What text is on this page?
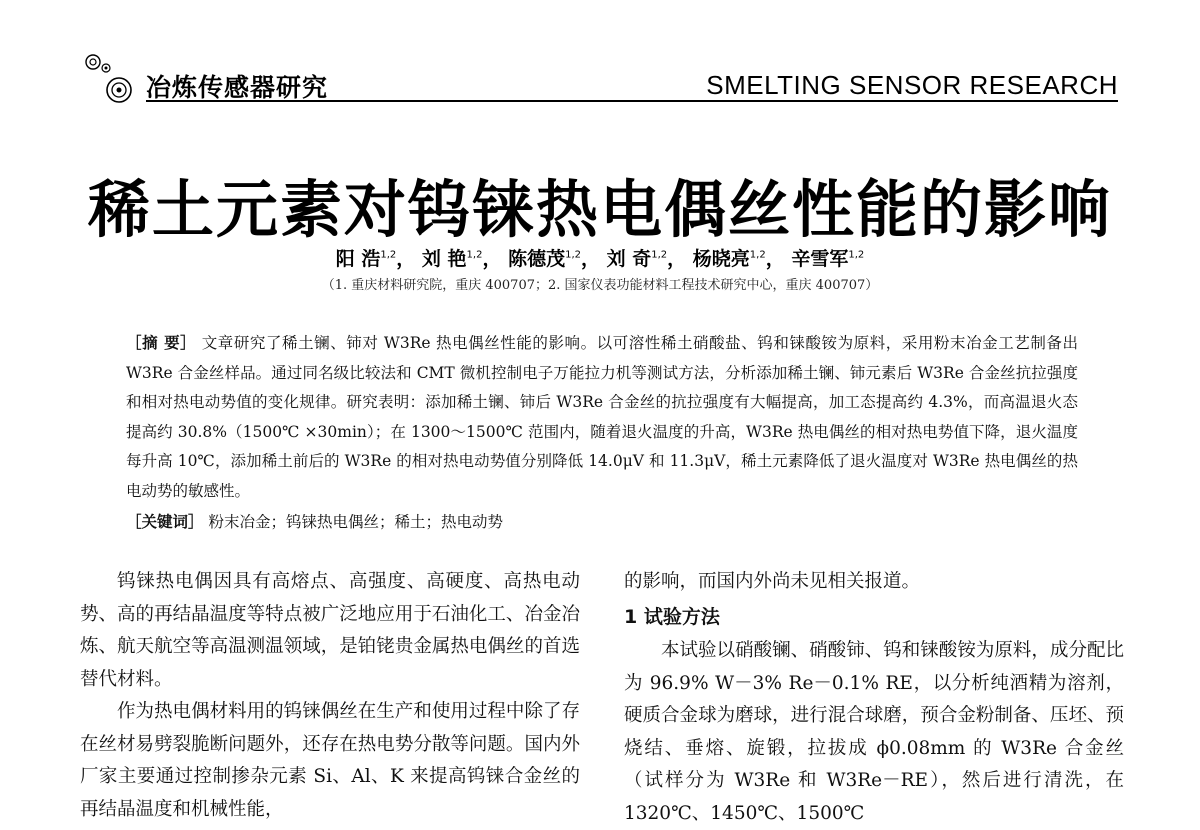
冶炼传感器研究	SMELTING SENSOR RESEARCH
稀土元素对钨铼热电偶丝性能的影响
阳 浩$^{1,2}$， 刘 艳$^{1,2}$， 陈德茂$^{1,2}$， 刘 奇$^{1,2}$， 杨晓亮$^{1,2}$， 辛雪军$^{1,2}$
（1. 重庆材料研究院，重庆 400707；2. 国家仪表功能材料工程技术研究中心，重庆 400707）
［摘 要］ 文章研究了稀土镧、铈对 W3Re 热电偶丝性能的影响。以可溶性稀土硝酸盐、钨和铼酸铵为原料，采用粉末冶金工艺制备出 W3Re 合金丝样品。通过同名级比较法和 CMT 微机控制电子万能拉力机等测试方法，分析添加稀土镧、铈元素后 W3Re 合金丝抗拉强度和相对热电动势值的变化规律。研究表明：添加稀土镧、铈后 W3Re 合金丝的抗拉强度有大幅提高，加工态提高约 4.3%，而高温退火态提高约 30.8%（1500℃ ×30min）；在 1300～1500℃ 范围内，随着退火温度的升高，W3Re 热电偶丝的相对热电势值下降，退火温度每升高 10℃，添加稀土前后的 W3Re 的相对热电动势值分别降低 14.0μV 和 11.3μV，稀土元素降低了退火温度对 W3Re 热电偶丝的热电动势的敏感性。
［关键词］ 粉末冶金；钨铼热电偶丝；稀土；热电动势

钨铼热电偶因具有高熔点、高强度、高硬度、高热电动势、高的再结晶温度等特点被广泛地应用于石油化工、冶金冶炼、航天航空等高温测温领域，是铂铑贵金属热电偶丝的首选替代材料。

作为热电偶材料用的钨铼偶丝在生产和使用过程中除了存在丝材易劈裂脆断问题外，还存在热电势分散等问题。国内外厂家主要通过控制掺杂元素 Si、Al、K 来提高钨铼合金丝的再结晶温度和机械性能，

的影响，而国内外尚未见相关报道。

1 试验方法

本试验以硝酸镧、硝酸铈、钨和铼酸铵为原料，成分配比为 96.9% W－3% Re－0.1% RE，以分析纯酒精为溶剂，硬质合金球为磨球，进行混合球磨，预合金粉制备、压坯、预烧结、垂熔、旋锻，拉拔成 ϕ0.08mm 的 W3Re 合金丝（试样分为 W3Re 和 W3Re－RE），然后进行清洗，在 1320℃、1450℃、1500℃
